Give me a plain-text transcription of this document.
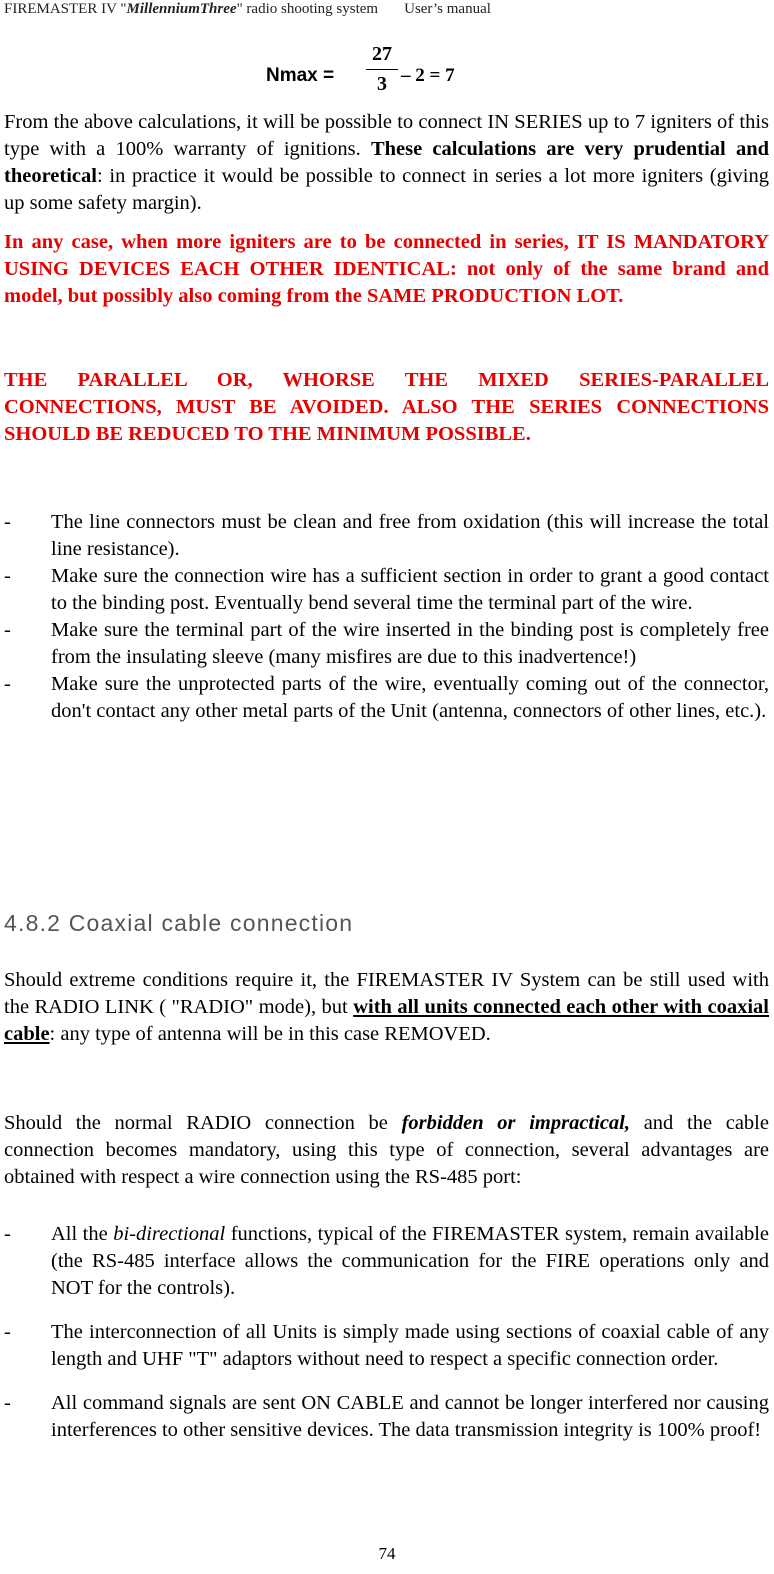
FIREMASTER IV "MillenniumThree" radio shooting system User’s manual
Nmax =
27
3 – 2 = 7
From the above calculations, it will be possible to connect IN SERIES up to 7 igniters of this type with a 100% warranty of ignitions. These calculations are very prudential and theoretical: in practice it would be possible to connect in series a lot more igniters (giving up some safety margin).
In any case, when more igniters are to be connected in series, IT IS MANDATORY USING DEVICES EACH OTHER IDENTICAL: not only of the same brand and model, but possibly also coming from the SAME PRODUCTION LOT.
THE PARALLEL OR, WHORSE THE MIXED SERIES-PARALLEL CONNECTIONS, MUST BE AVOIDED. ALSO THE SERIES CONNECTIONS SHOULD BE REDUCED TO THE MINIMUM POSSIBLE.
- The line connectors must be clean and free from oxidation (this will increase the total line resistance).
- Make sure the connection wire has a sufficient section in order to grant a good contact to the binding post. Eventually bend several time the terminal part of the wire.
- Make sure the terminal part of the wire inserted in the binding post is completely free from the insulating sleeve (many misfires are due to this inadvertence!)
- Make sure the unprotected parts of the wire, eventually coming out of the connector, don't contact any other metal parts of the Unit (antenna, connectors of other lines, etc.).
4.8.2 Coaxial cable connection
Should extreme conditions require it, the FIREMASTER IV System can be still used with the RADIO LINK ( "RADIO" mode), but with all units connected each other with coaxial cable: any type of antenna will be in this case REMOVED.
Should the normal RADIO connection be forbidden or impractical, and the cable connection becomes mandatory, using this type of connection, several advantages are obtained with respect a wire connection using the RS-485 port:
- All the bi-directional functions, typical of the FIREMASTER system, remain available (the RS-485 interface allows the communication for the FIRE operations only and NOT for the controls).
- The interconnection of all Units is simply made using sections of coaxial cable of any length and UHF "T" adaptors without need to respect a specific connection order.
- All command signals are sent ON CABLE and cannot be longer interfered nor causing interferences to other sensitive devices. The data transmission integrity is 100% proof!
74
